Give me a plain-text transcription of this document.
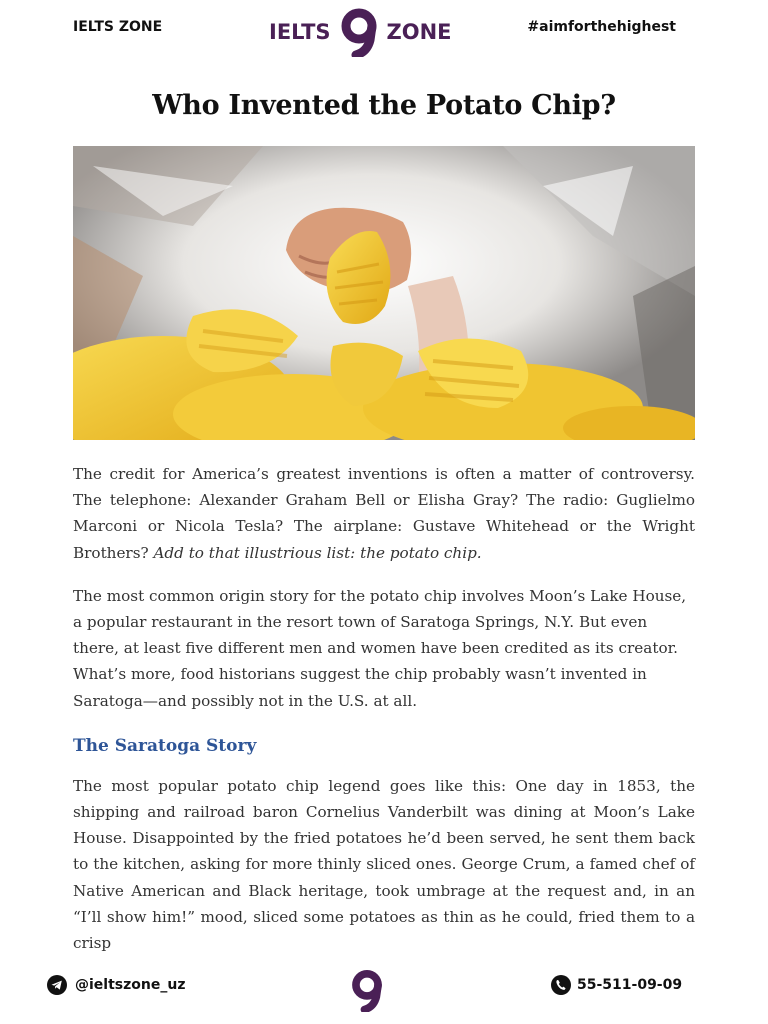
IELTS ZONE	IELTS	ZONE	#aimforthehighest
Who Invented the Potato Chip?

The credit for America’s greatest inventions is often a matter of controversy. The telephone: Alexander Graham Bell or Elisha Gray? The radio: Guglielmo Marconi or Nicola Tesla? The airplane: Gustave Whitehead or the Wright Brothers? Add to that illustrious list: the potato chip.

The most common origin story for the potato chip involves Moon’s Lake House, a popular restaurant in the resort town of Saratoga Springs, N.Y. But even there, at least five different men and women have been credited as its creator. What’s more, food historians suggest the chip probably wasn’t invented in Saratoga—and possibly not in the U.S. at all.

The Saratoga Story

The most popular potato chip legend goes like this: One day in 1853, the shipping and railroad baron Cornelius Vanderbilt was dining at Moon’s Lake House. Disappointed by the fried potatoes he’d been served, he sent them back to the kitchen, asking for more thinly sliced ones. George Crum, a famed chef of Native American and Black heritage, took umbrage at the request and, in an “I’ll show him!” mood, sliced some potatoes as thin as he could, fried them to a crisp

@ieltszone_uz	55-511-09-09
